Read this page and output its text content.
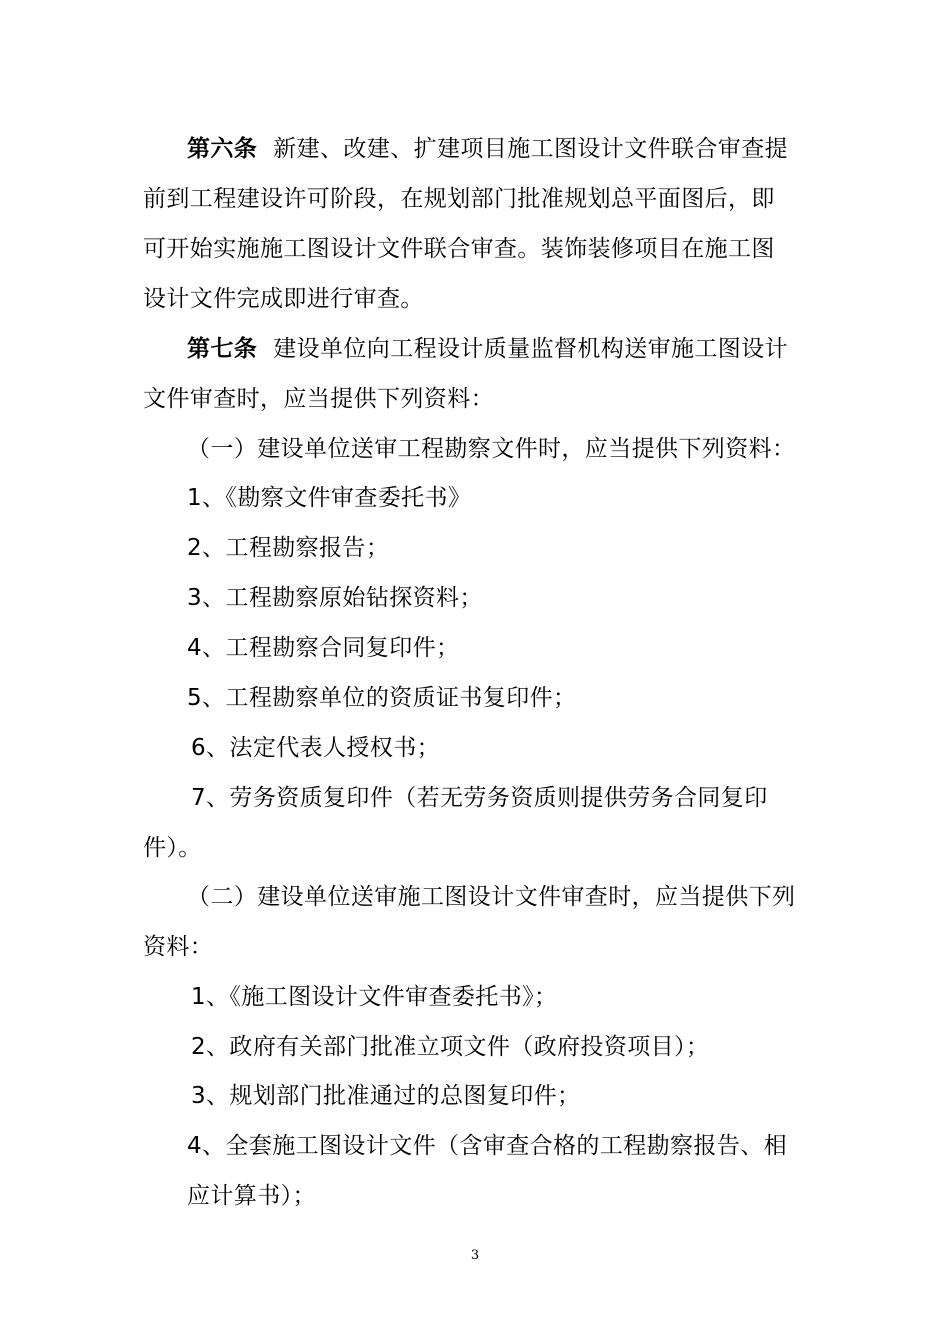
第六条 新建、改建、扩建项目施工图设计文件联合审查提
前到工程建设许可阶段，在规划部门批准规划总平面图后，即
可开始实施施工图设计文件联合审查。装饰装修项目在施工图
设计文件完成即进行审查。
第七条 建设单位向工程设计质量监督机构送审施工图设计
文件审查时，应当提供下列资料：
（一）建设单位送审工程勘察文件时，应当提供下列资料：
1、《勘察文件审查委托书》
2、工程勘察报告；
3、工程勘察原始钻探资料；
4、工程勘察合同复印件；
5、工程勘察单位的资质证书复印件；
6、法定代表人授权书；
7、劳务资质复印件（若无劳务资质则提供劳务合同复印
件）。
（二）建设单位送审施工图设计文件审查时，应当提供下列
资料：
1、《施工图设计文件审查委托书》；
2、政府有关部门批准立项文件（政府投资项目）；
3、规划部门批准通过的总图复印件；
4、全套施工图设计文件（含审查合格的工程勘察报告、相
应计算书）；
3
